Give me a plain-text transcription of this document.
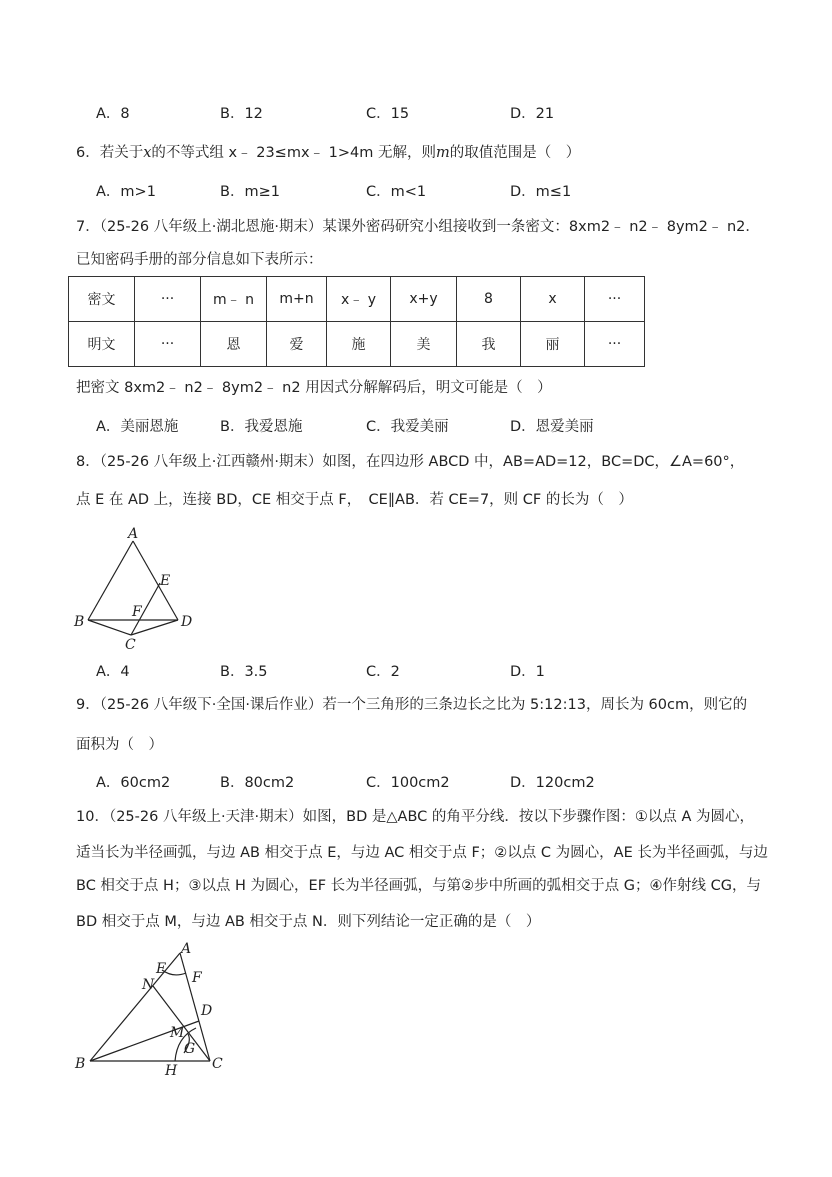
A．8	B．12	C．15	D．21
6．若关于x的不等式组 x﹣ 23≤mx﹣ 1>4m 无解，则m的取值范围是（　）
A．m>1	B．m≥1	C．m<1	D．m≤1
7．（25-26 八年级上·湖北恩施·期末）某课外密码研究小组接收到一条密文：8xm2﹣ n2﹣ 8ym2﹣ n2．
已知密码手册的部分信息如下表所示：
密文	···	m﹣ n	m+n	x﹣ y	x+y	8	x	···
明文	···	恩	爱	施	美	我	丽	···
把密文 8xm2﹣ n2﹣ 8ym2﹣ n2 用因式分解解码后，明文可能是（　）
A．美丽恩施	B．我爱恩施	C．我爱美丽	D．恩爱美丽
8．（25-26 八年级上·江西赣州·期末）如图，在四边形 ABCD 中，AB=AD=12，BC=DC，∠A=60°，
点 E 在 AD 上，连接 BD，CE 相交于点 F，　CE∥AB．若 CE=7，则 CF 的长为（　）
A
E
F
B	D
C
A．4	B．3.5	C．2	D．1
9．（25-26 八年级下·全国·课后作业）若一个三角形的三条边长之比为 5:12:13，周长为 60cm，则它的
面积为（　）
A．60cm2	B．80cm2	C．100cm2	D．120cm2
10．（25-26 八年级上·天津·期末）如图，BD 是△ABC 的角平分线．按以下步骤作图：①以点 A 为圆心，
适当长为半径画弧，与边 AB 相交于点 E，与边 AC 相交于点 F；②以点 C 为圆心，AE 长为半径画弧，与边
BC 相交于点 H；③以点 H 为圆心，EF 长为半径画弧，与第②步中所画的弧相交于点 G；④作射线 CG，与
BD 相交于点 M，与边 AB 相交于点 N．则下列结论一定正确的是（　）
A
E
F
N
D
M
G
B	H C
